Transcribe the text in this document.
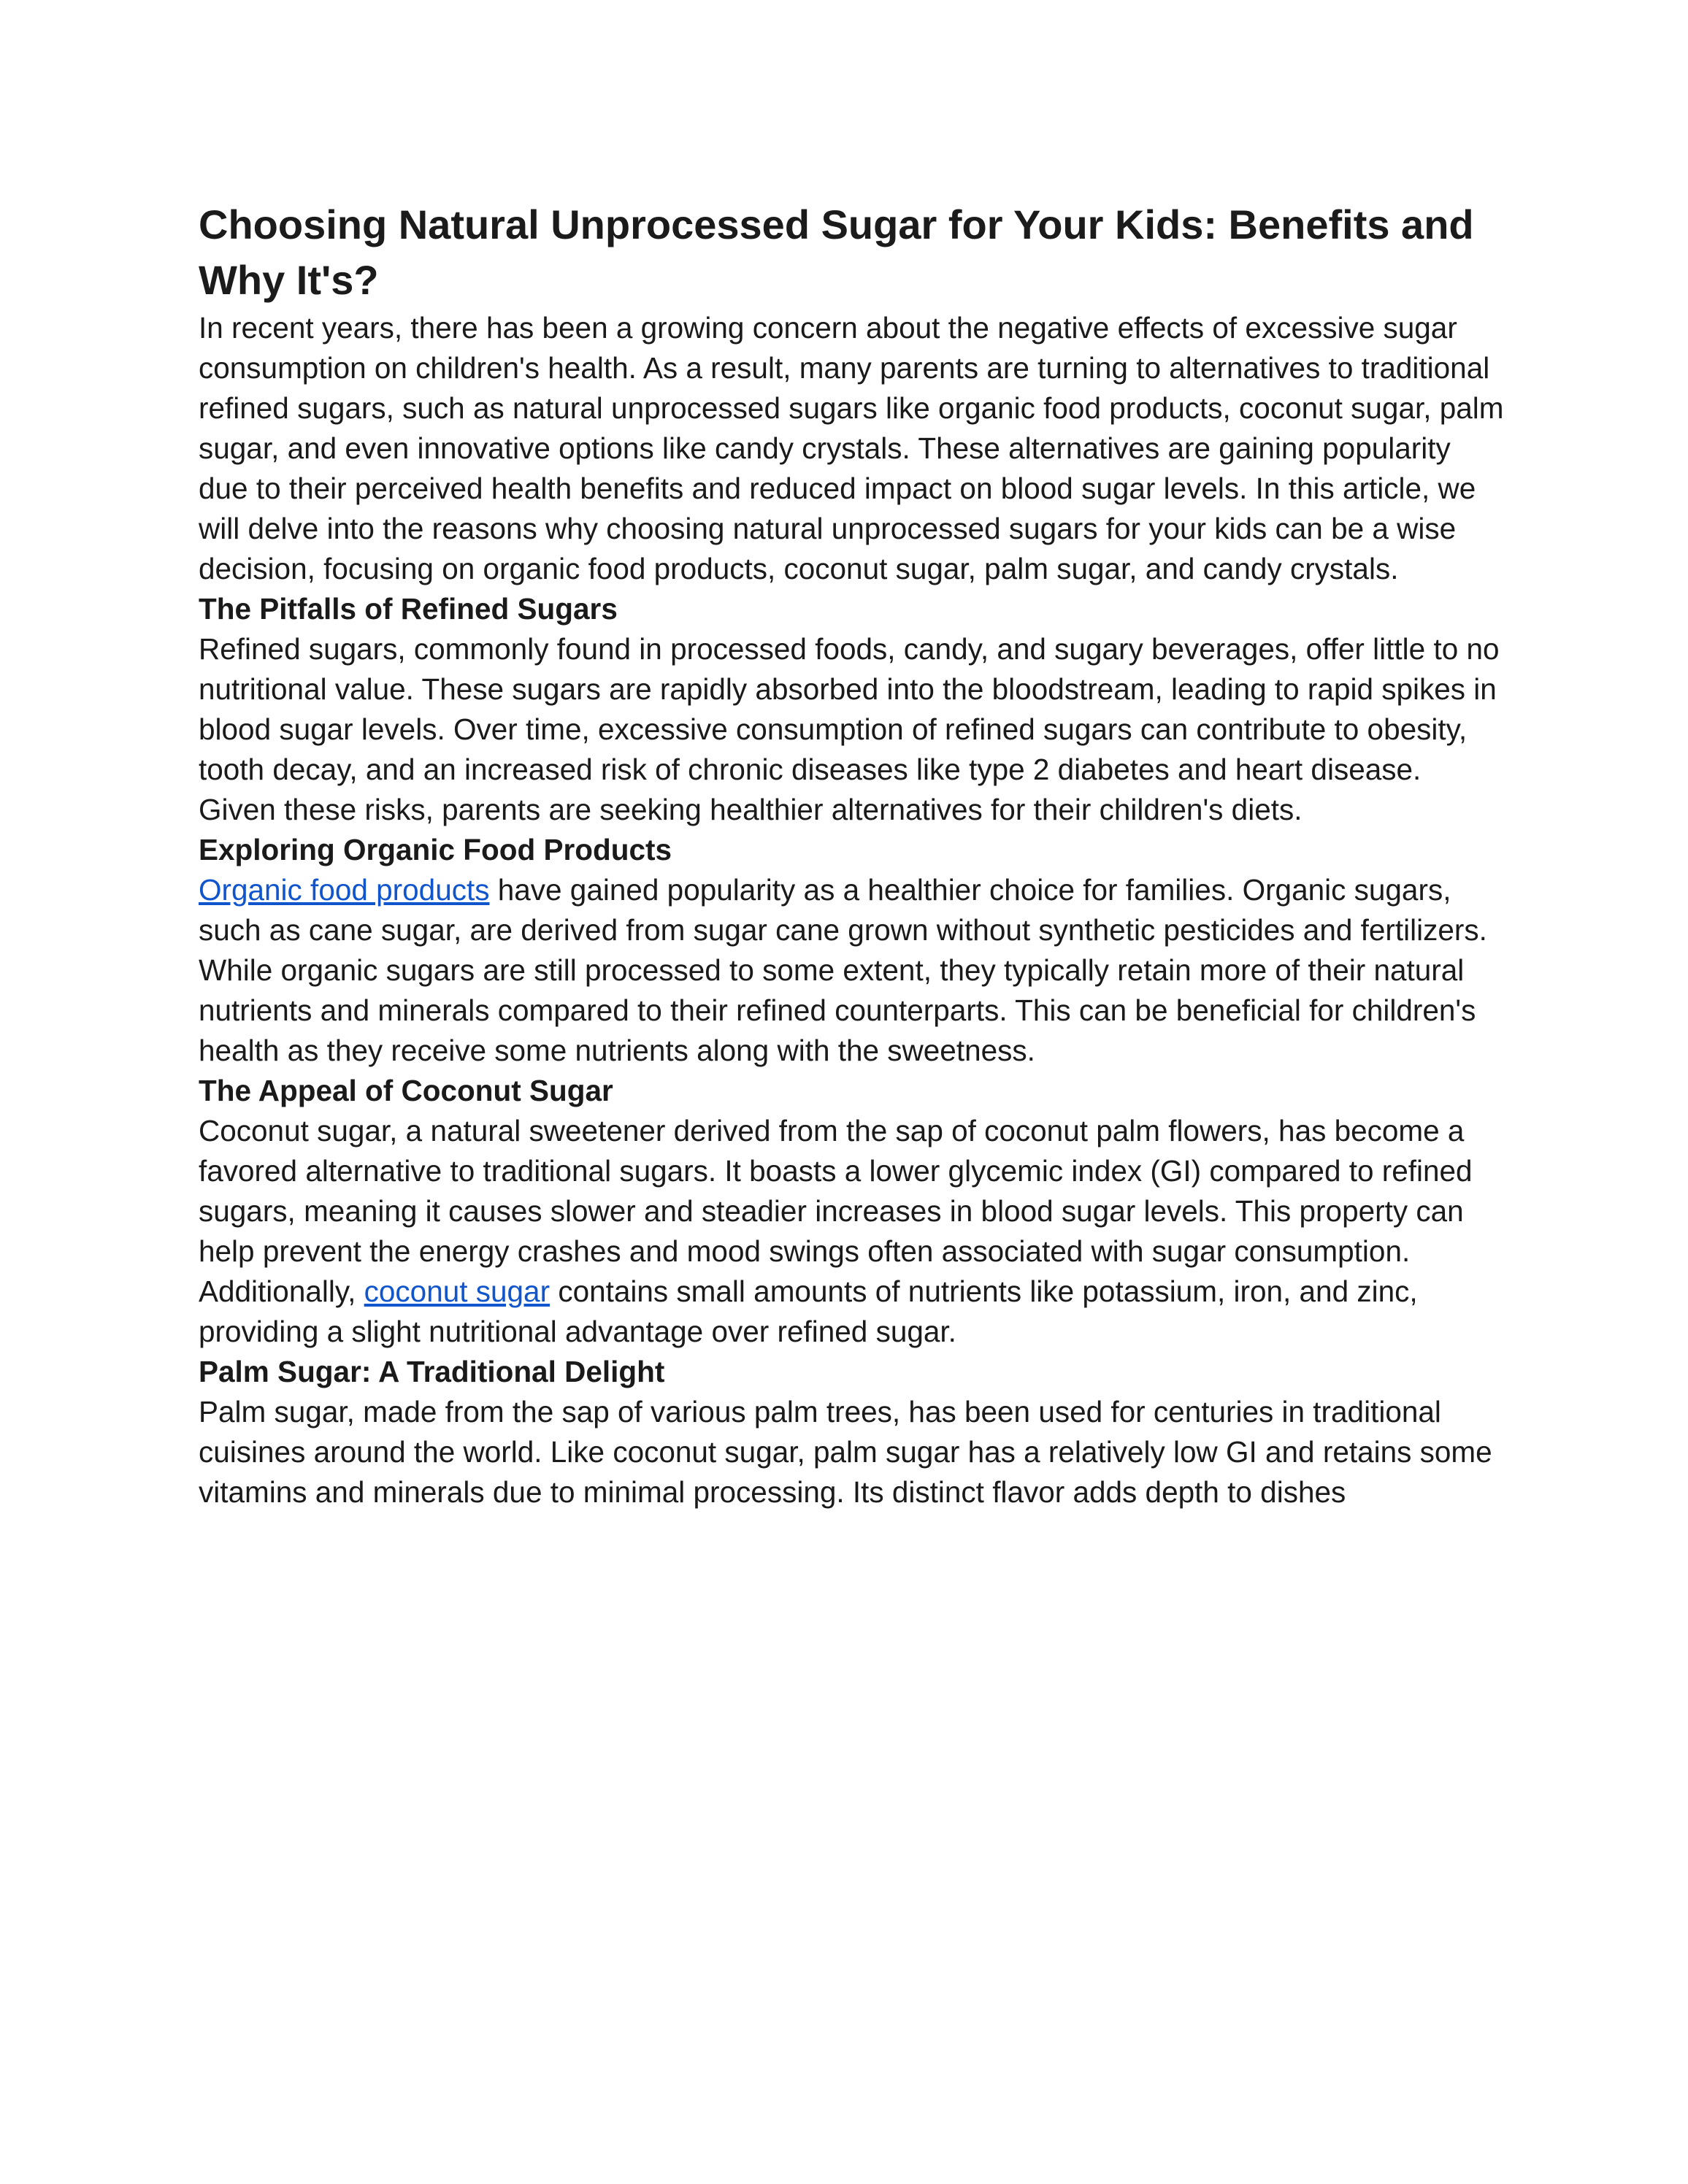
Choosing Natural Unprocessed Sugar for Your Kids: Benefits and Why It's?

In recent years, there has been a growing concern about the negative effects of excessive sugar consumption on children's health. As a result, many parents are turning to alternatives to traditional refined sugars, such as natural unprocessed sugars like organic food products, coconut sugar, palm sugar, and even innovative options like candy crystals. These alternatives are gaining popularity due to their perceived health benefits and reduced impact on blood sugar levels. In this article, we will delve into the reasons why choosing natural unprocessed sugars for your kids can be a wise decision, focusing on organic food products, coconut sugar, palm sugar, and candy crystals.

The Pitfalls of Refined Sugars

Refined sugars, commonly found in processed foods, candy, and sugary beverages, offer little to no nutritional value. These sugars are rapidly absorbed into the bloodstream, leading to rapid spikes in blood sugar levels. Over time, excessive consumption of refined sugars can contribute to obesity, tooth decay, and an increased risk of chronic diseases like type 2 diabetes and heart disease. Given these risks, parents are seeking healthier alternatives for their children's diets.

Exploring Organic Food Products

Organic food products have gained popularity as a healthier choice for families. Organic sugars, such as cane sugar, are derived from sugar cane grown without synthetic pesticides and fertilizers. While organic sugars are still processed to some extent, they typically retain more of their natural nutrients and minerals compared to their refined counterparts. This can be beneficial for children's health as they receive some nutrients along with the sweetness.

The Appeal of Coconut Sugar

Coconut sugar, a natural sweetener derived from the sap of coconut palm flowers, has become a favored alternative to traditional sugars. It boasts a lower glycemic index (GI) compared to refined sugars, meaning it causes slower and steadier increases in blood sugar levels. This property can help prevent the energy crashes and mood swings often associated with sugar consumption. Additionally, coconut sugar contains small amounts of nutrients like potassium, iron, and zinc, providing a slight nutritional advantage over refined sugar.

Palm Sugar: A Traditional Delight

Palm sugar, made from the sap of various palm trees, has been used for centuries in traditional cuisines around the world. Like coconut sugar, palm sugar has a relatively low GI and retains some vitamins and minerals due to minimal processing. Its distinct flavor adds depth to dishes
